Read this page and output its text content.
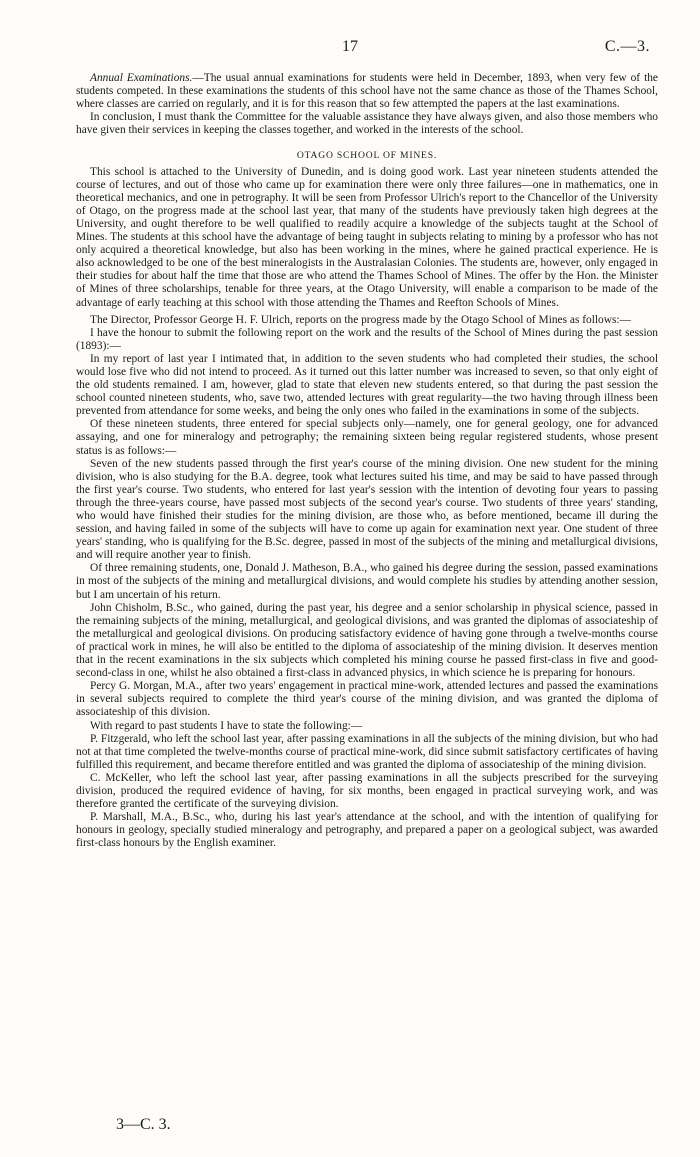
17	C.—3.

Annual Examinations.—The usual annual examinations for students were held in December, 1893, when very few of the students competed. In these examinations the students of this school have not the same chance as those of the Thames School, where classes are carried on regularly, and it is for this reason that so few attempted the papers at the last examinations.

In conclusion, I must thank the Committee for the valuable assistance they have always given, and also those members who have given their services in keeping the classes together, and worked in the interests of the school.

OTAGO SCHOOL OF MINES.

This school is attached to the University of Dunedin, and is doing good work. Last year nineteen students attended the course of lectures, and out of those who came up for examination there were only three failures—one in mathematics, one in theoretical mechanics, and one in petrography. It will be seen from Professor Ulrich's report to the Chancellor of the University of Otago, on the progress made at the school last year, that many of the students have previously taken high degrees at the University, and ought therefore to be well qualified to readily acquire a knowledge of the subjects taught at the School of Mines. The students at this school have the advantage of being taught in subjects relating to mining by a professor who has not only acquired a theoretical knowledge, but also has been working in the mines, where he gained practical experience. He is also acknowledged to be one of the best mineralogists in the Australasian Colonies. The students are, however, only engaged in their studies for about half the time that those are who attend the Thames School of Mines. The offer by the Hon. the Minister of Mines of three scholarships, tenable for three years, at the Otago University, will enable a comparison to be made of the advantage of early teaching at this school with those attending the Thames and Reefton Schools of Mines.

The Director, Professor George H. F. Ulrich, reports on the progress made by the Otago School of Mines as follows:—

I have the honour to submit the following report on the work and the results of the School of Mines during the past session (1893):—

In my report of last year I intimated that, in addition to the seven students who had completed their studies, the school would lose five who did not intend to proceed. As it turned out this latter number was increased to seven, so that only eight of the old students remained. I am, however, glad to state that eleven new students entered, so that during the past session the school counted nineteen students, who, save two, attended lectures with great regularity—the two having through illness been prevented from attendance for some weeks, and being the only ones who failed in the examinations in some of the subjects.

Of these nineteen students, three entered for special subjects only—namely, one for general geology, one for advanced assaying, and one for mineralogy and petrography; the remaining sixteen being regular registered students, whose present status is as follows:—

Seven of the new students passed through the first year's course of the mining division. One new student for the mining division, who is also studying for the B.A. degree, took what lectures suited his time, and may be said to have passed through the first year's course. Two students, who entered for last year's session with the intention of devoting four years to passing through the three-years course, have passed most subjects of the second year's course. Two students of three years' standing, who would have finished their studies for the mining division, are those who, as before mentioned, became ill during the session, and having failed in some of the subjects will have to come up again for examination next year. One student of three years' standing, who is qualifying for the B.Sc. degree, passed in most of the subjects of the mining and metallurgical divisions, and will require another year to finish.

Of three remaining students, one, Donald J. Matheson, B.A., who gained his degree during the session, passed examinations in most of the subjects of the mining and metallurgical divisions, and would complete his studies by attending another session, but I am uncertain of his return.

John Chisholm, B.Sc., who gained, during the past year, his degree and a senior scholarship in physical science, passed in the remaining subjects of the mining, metallurgical, and geological divisions, and was granted the diplomas of associateship of the metallurgical and geological divisions. On producing satisfactory evidence of having gone through a twelve-months course of practical work in mines, he will also be entitled to the diploma of associateship of the mining division. It deserves mention that in the recent examinations in the six subjects which completed his mining course he passed first-class in five and good-second-class in one, whilst he also obtained a first-class in advanced physics, in which science he is preparing for honours.

Percy G. Morgan, M.A., after two years' engagement in practical mine-work, attended lectures and passed the examinations in several subjects required to complete the third year's course of the mining division, and was granted the diploma of associateship of this division.

With regard to past students I have to state the following:—

P. Fitzgerald, who left the school last year, after passing examinations in all the subjects of the mining division, but who had not at that time completed the twelve-months course of practical mine-work, did since submit satisfactory certificates of having fulfilled this requirement, and became therefore entitled and was granted the diploma of associateship of the mining division.

C. McKeller, who left the school last year, after passing examinations in all the subjects prescribed for the surveying division, produced the required evidence of having, for six months, been engaged in practical surveying work, and was therefore granted the certificate of the surveying division.

P. Marshall, M.A., B.Sc., who, during his last year's attendance at the school, and with the intention of qualifying for honours in geology, specially studied mineralogy and petrography, and prepared a paper on a geological subject, was awarded first-class honours by the English examiner.

3—C. 3.
